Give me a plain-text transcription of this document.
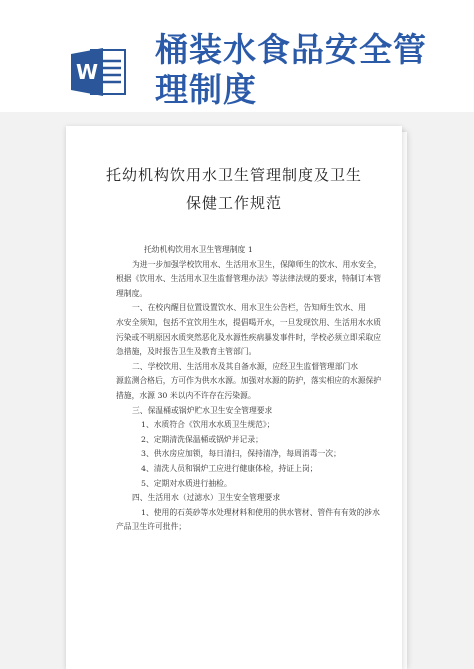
W
桶装水食品安全管理制度
托幼机构饮用水卫生管理制度及卫生
保健工作规范
托幼机构饮用水卫生管理制度 1
为进一步加强学校饮用水、生活用水卫生，保障师生的饮水、用水安全，
根据《饮用水、生活用水卫生监督管理办法》等法律法规的要求，特制订本管
理制度。
一、在校内醒目位置设置饮水、用水卫生公告栏，告知师生饮水、用
水安全须知，包括不宜饮用生水，提倡喝开水，一旦发现饮用、生活用水水质
污染或不明原因水质突然恶化及水源性疾病暴发事件时，学校必须立即采取应
急措施，及时报告卫生及教育主管部门。
二、学校饮用、生活用水及其自备水源，应经卫生监督管理部门水
源监测合格后，方可作为供水水源。加强对水源的防护，落实相应的水源保护
措施，水源 30 米以内不许存在污染源。
三、保温桶或锅炉贮水卫生安全管理要求
1、水质符合《饮用水水质卫生规范》；
2、定期清洗保温桶或锅炉并记录；
3、供水房应加锁，每日清扫，保持清净，每周消毒一次；
4、清洗人员和锅炉工应进行健康体检，持证上岗；
5、定期对水质进行抽检。
四、生活用水（过滤水）卫生安全管理要求
1、使用的石英砂等水处理材料和使用的供水管材、管件有有效的涉水
产品卫生许可批件；
